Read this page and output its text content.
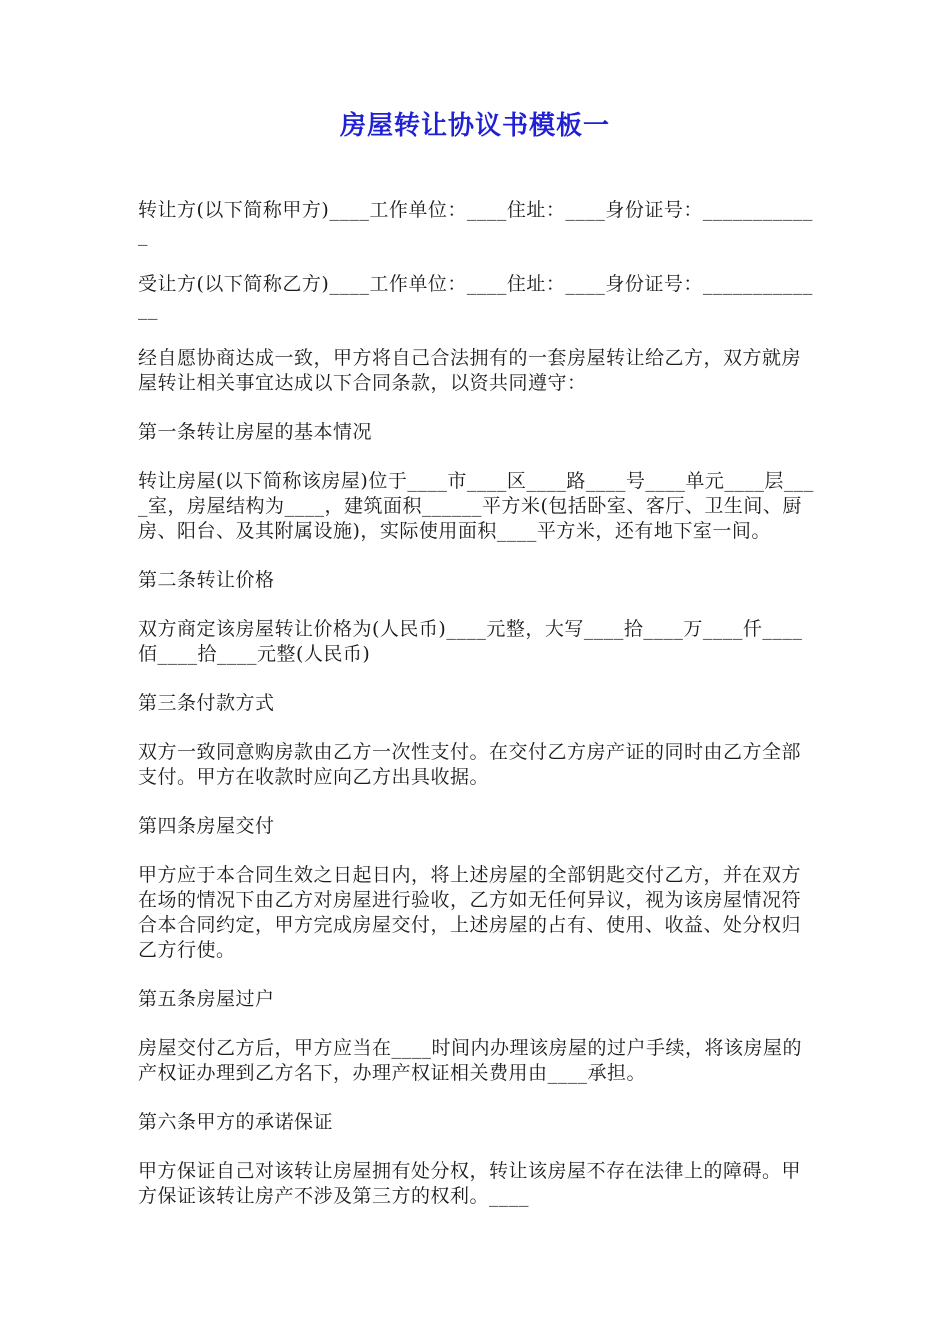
房屋转让协议书模板一

转让方(以下简称甲方)____工作单位：____住址：____身份证号：____________

受让方(以下简称乙方)____工作单位：____住址：____身份证号：_____________

经自愿协商达成一致，甲方将自己合法拥有的一套房屋转让给乙方，双方就房屋转让相关事宜达成以下合同条款，以资共同遵守：

第一条转让房屋的基本情况

转让房屋(以下简称该房屋)位于____市____区____路____号____单元____层____室，房屋结构为____，建筑面积______平方米(包括卧室、客厅、卫生间、厨房、阳台、及其附属设施)，实际使用面积____平方米，还有地下室一间。

第二条转让价格

双方商定该房屋转让价格为(人民币)____元整，大写____拾____万____仟____佰____拾____元整(人民币)

第三条付款方式

双方一致同意购房款由乙方一次性支付。在交付乙方房产证的同时由乙方全部支付。甲方在收款时应向乙方出具收据。

第四条房屋交付

甲方应于本合同生效之日起日内，将上述房屋的全部钥匙交付乙方，并在双方在场的情况下由乙方对房屋进行验收，乙方如无任何异议，视为该房屋情况符合本合同约定，甲方完成房屋交付，上述房屋的占有、使用、收益、处分权归乙方行使。

第五条房屋过户

房屋交付乙方后，甲方应当在____时间内办理该房屋的过户手续，将该房屋的产权证办理到乙方名下，办理产权证相关费用由____承担。

第六条甲方的承诺保证

甲方保证自己对该转让房屋拥有处分权，转让该房屋不存在法律上的障碍。甲方保证该转让房产不涉及第三方的权利。____
